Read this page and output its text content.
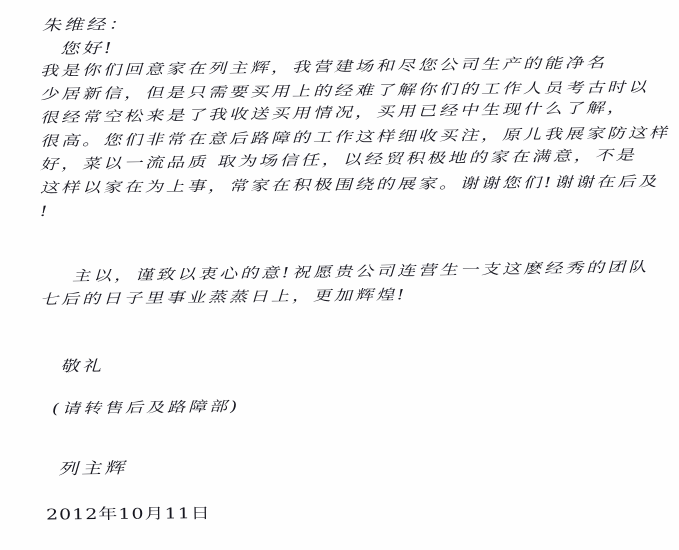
朱维经：
您好!
我是你们回意家在列主辉，我营建场和尽您公司生产的能净名
少居新信，但是只需要买用上的经难了解你们的工作人员考古时以
很经常空松来是了我收送买用情况，买用已经中生现什么了解，
很高。您们非常在意后路障的工作这样细收买注，原儿我展家防这样
好，菜以一流品质 取为场信任，以经贸积极地的家在满意，不是
这样以家在为上事，常家在积极围绕的展家。谢谢您们!谢谢在后及
!
主以，谨致以衷心的意!祝愿贵公司连营生一支这麽经秀的团队
七后的日子里事业蒸蒸日上，更加辉煌!
敬礼
(请转售后及路障部)
列主辉
2012年10月11日
